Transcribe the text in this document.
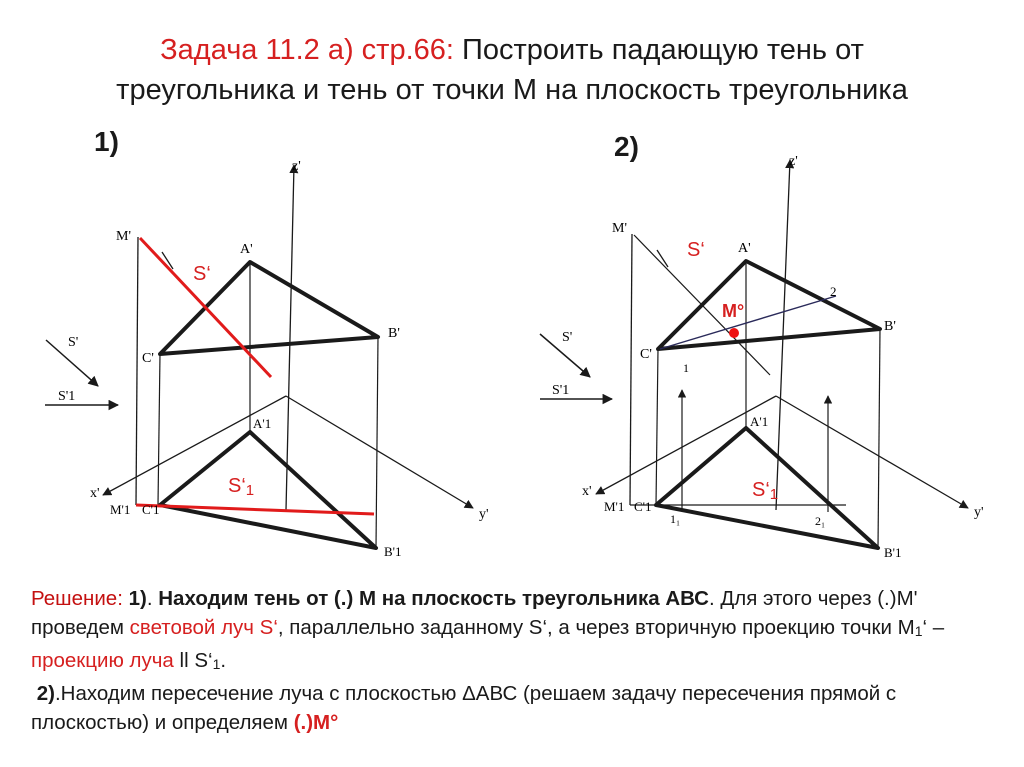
Задача 11.2 а) стр.66: Построить падающую тень от
треугольника и тень от точки М на плоскость треугольника
1)	2)
z'
x'
y'
M'
M'1
A'
A'1
B'
B'1
C'
C'1
S'
S'1
S‘
S‘1
z'
x'
y'
M'
M'1
A'
A'1
B'
B'1
C'
C'1
S'
S'1
1
2
1₁	2₁
S‘
M°
S‘1

Решение: 1). Находим тень от (.) М на плоскость треугольника АВС. Для этого через (.)M' проведем световой луч S‘, параллельно заданному S‘, а через вторичную проекцию точки $М_1‘$ –проекцию луча ll $S‘_1$.

2).Находим пересечение луча с плоскостью ΔАВС (решаем задачу пересечения прямой с плоскостью) и определяем (.)М°
